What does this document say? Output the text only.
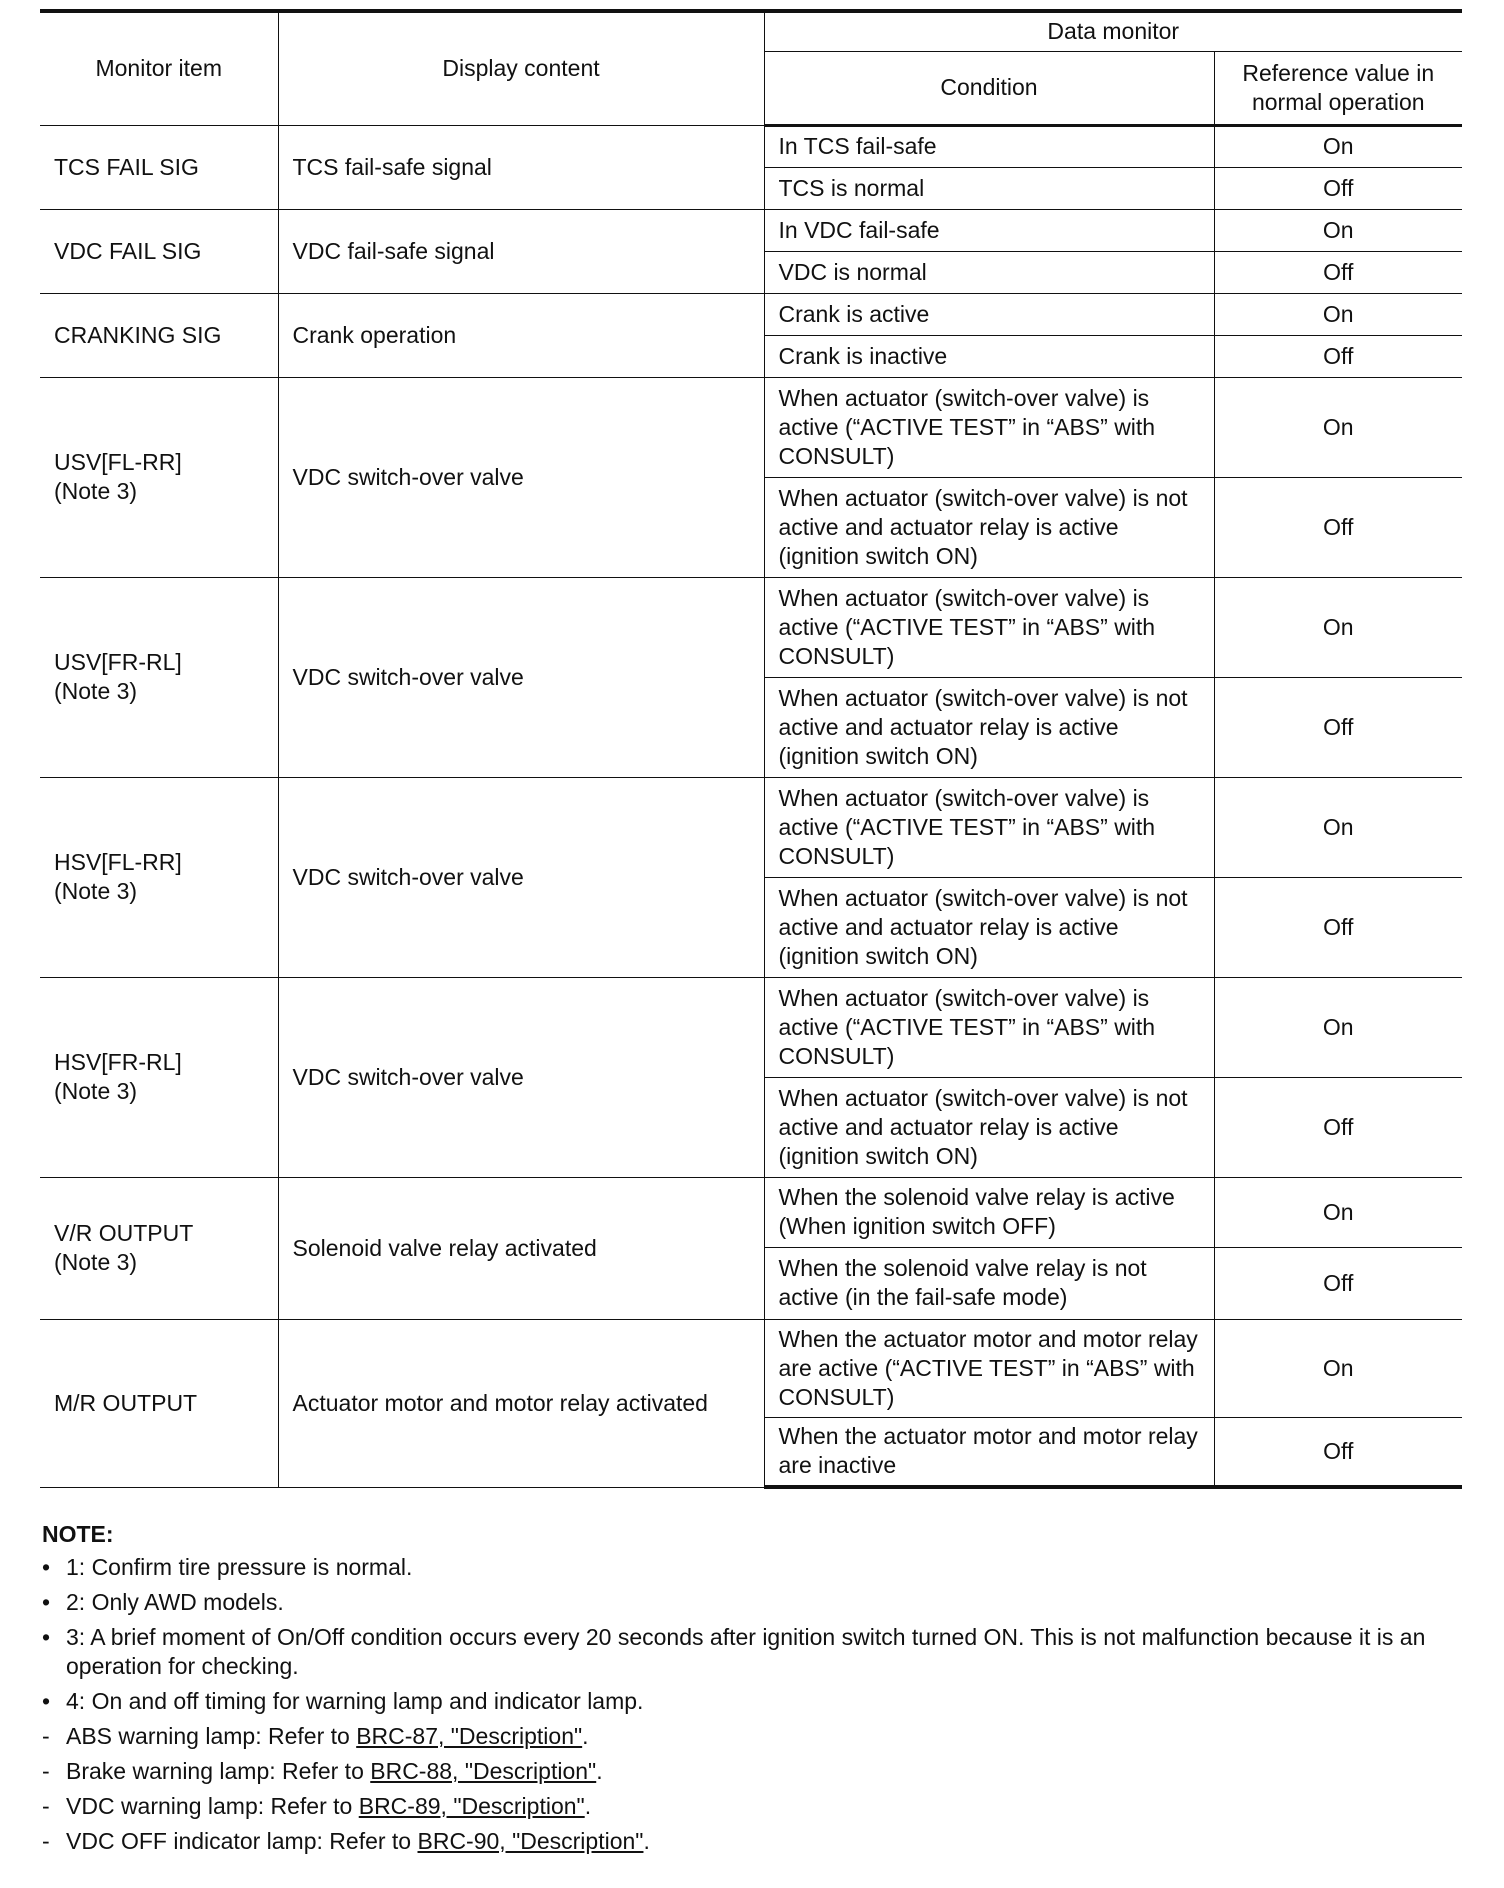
Monitor item	Display content	Data monitor	
		Condition	Reference value in normal operation

TCS FAIL SIG	TCS fail-safe signal	In TCS fail-safe	On
		TCS is normal	Off

VDC FAIL SIG	VDC fail-safe signal	In VDC fail-safe	On
		VDC is normal	Off

CRANKING SIG	Crank operation	Crank is active	On
		Crank is inactive	Off

USV[FL-RR]
(Note 3)	VDC switch-over valve	When actuator (switch-over valve) is active (“ACTIVE TEST” in “ABS” with CONSULT)	On
		When actuator (switch-over valve) is not active and actuator relay is active (ignition switch ON)	Off

USV[FR-RL]
(Note 3)	VDC switch-over valve	When actuator (switch-over valve) is active (“ACTIVE TEST” in “ABS” with CONSULT)	On
		When actuator (switch-over valve) is not active and actuator relay is active (ignition switch ON)	Off

HSV[FL-RR]
(Note 3)	VDC switch-over valve	When actuator (switch-over valve) is active (“ACTIVE TEST” in “ABS” with CONSULT)	On
		When actuator (switch-over valve) is not active and actuator relay is active (ignition switch ON)	Off

HSV[FR-RL]
(Note 3)	VDC switch-over valve	When actuator (switch-over valve) is active (“ACTIVE TEST” in “ABS” with CONSULT)	On
		When actuator (switch-over valve) is not active and actuator relay is active (ignition switch ON)	Off

V/R OUTPUT
(Note 3)	Solenoid valve relay activated	When the solenoid valve relay is active (When ignition switch OFF)	On
		When the solenoid valve relay is not active (in the fail-safe mode)	Off

M/R OUTPUT	Actuator motor and motor relay activated	When the actuator motor and motor relay are active (“ACTIVE TEST” in “ABS” with CONSULT)	On
		When the actuator motor and motor relay are inactive	Off
NOTE:
• 1: Confirm tire pressure is normal.
• 2: Only AWD models.
• 3: A brief moment of On/Off condition occurs every 20 seconds after ignition switch turned ON. This is not malfunction because it is an operation for checking.
• 4: On and off timing for warning lamp and indicator lamp.
- ABS warning lamp: Refer to BRC-87, "Description".
- Brake warning lamp: Refer to BRC-88, "Description".
- VDC warning lamp: Refer to BRC-89, "Description".
- VDC OFF indicator lamp: Refer to BRC-90, "Description".
